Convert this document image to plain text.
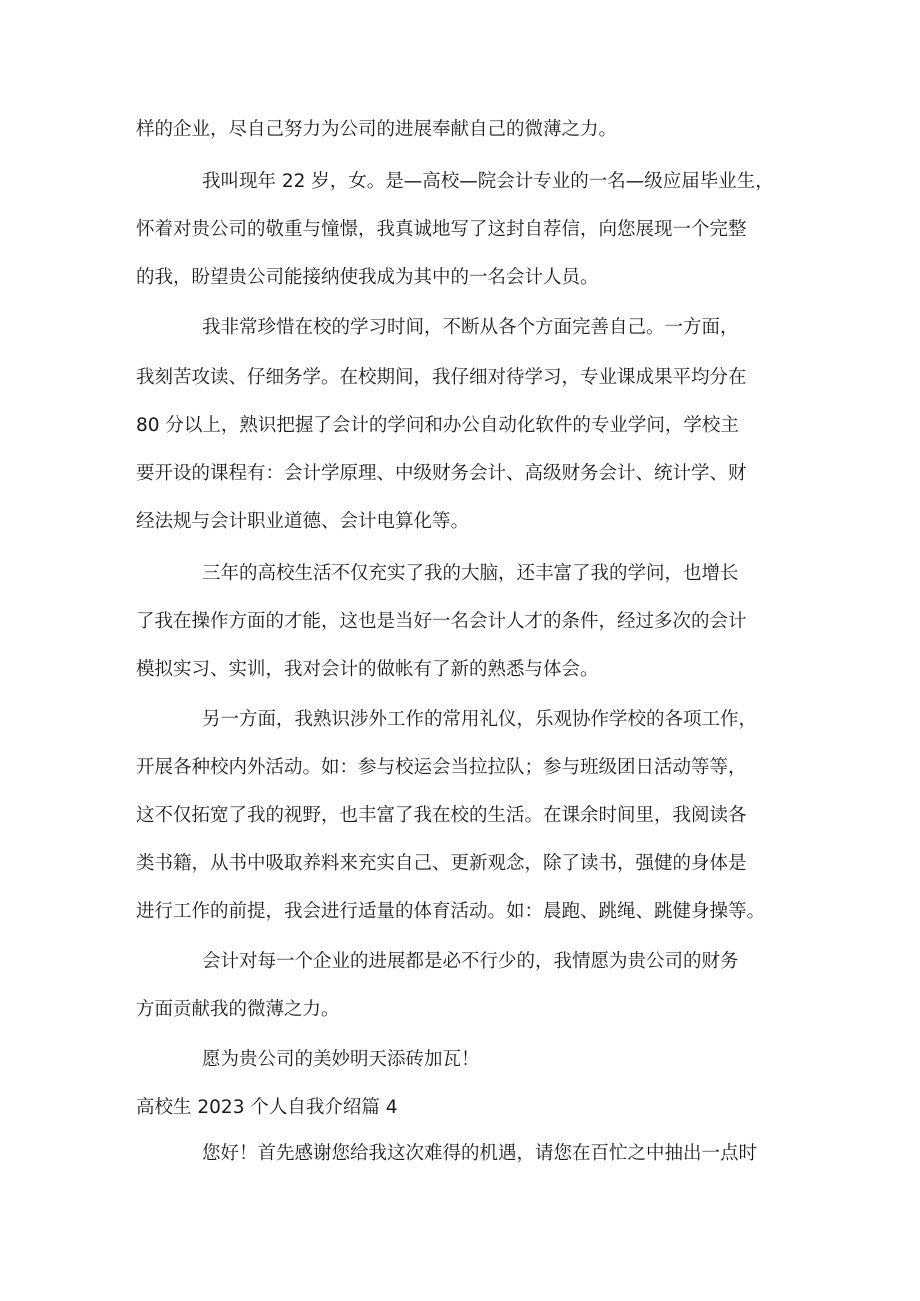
样的企业，尽自己努力为公司的进展奉献自己的微薄之力。
我叫现年 22 岁，女。是—高校—院会计专业的一名—级应届毕业生，
怀着对贵公司的敬重与憧憬，我真诚地写了这封自荐信，向您展现一个完整
的我，盼望贵公司能接纳使我成为其中的一名会计人员。
我非常珍惜在校的学习时间，不断从各个方面完善自己。一方面，
我刻苦攻读、仔细务学。在校期间，我仔细对待学习，专业课成果平均分在
80 分以上，熟识把握了会计的学问和办公自动化软件的专业学问，学校主
要开设的课程有：会计学原理、中级财务会计、高级财务会计、统计学、财
经法规与会计职业道德、会计电算化等。
三年的高校生活不仅充实了我的大脑，还丰富了我的学问，也增长
了我在操作方面的才能，这也是当好一名会计人才的条件，经过多次的会计
模拟实习、实训，我对会计的做帐有了新的熟悉与体会。
另一方面，我熟识涉外工作的常用礼仪，乐观协作学校的各项工作，
开展各种校内外活动。如：参与校运会当拉拉队；参与班级团日活动等等，
这不仅拓宽了我的视野，也丰富了我在校的生活。在课余时间里，我阅读各
类书籍，从书中吸取养料来充实自己、更新观念，除了读书，强健的身体是
进行工作的前提，我会进行适量的体育活动。如：晨跑、跳绳、跳健身操等。
会计对每一个企业的进展都是必不行少的，我情愿为贵公司的财务
方面贡献我的微薄之力。
愿为贵公司的美妙明天添砖加瓦！
高校生 2023 个人自我介绍篇 4
您好！首先感谢您给我这次难得的机遇，请您在百忙之中抽出一点时
